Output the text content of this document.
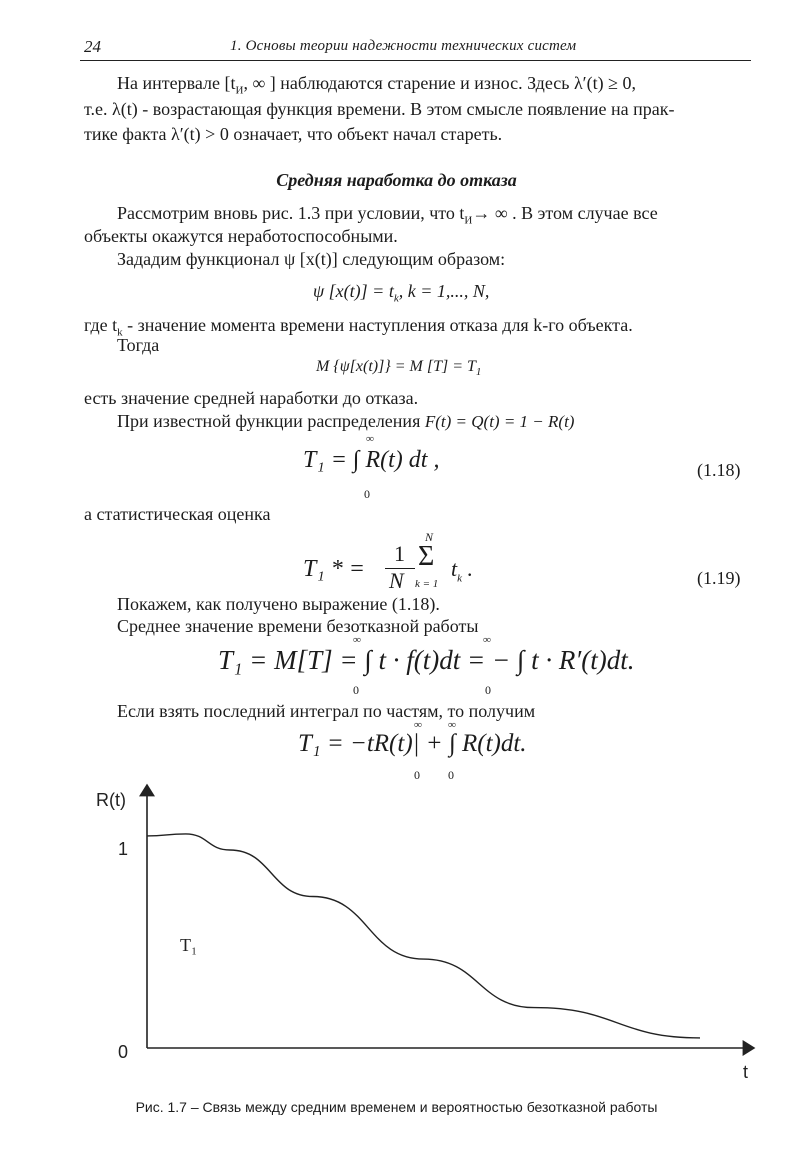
24	1. Основы теории надежности технических систем
На интервале [$t_И$, ∞ ] наблюдаются старение и износ. Здесь λ′(t) ≥ 0,
т.е. λ(t) - возрастающая функция времени. В этом смысле появление на прак-
тике факта λ′(t) > 0 означает, что объект начал стареть.
Средняя наработка до отказа
Рассмотрим вновь рис. 1.3 при условии, что $t_И\to$ ∞ . В этом случае все
объекты окажутся неработоспособными.
Зададим функционал ψ [x(t)] следующим образом:
ψ $[x(t)] = t_k$, k = 1,..., N,
где $t_k$ - значение момента времени наступления отказа для k-го объекта.
Тогда
M {ψ[x(t)]} = M $[T] = T_1$
есть значение средней наработки до отказа.
При известной функции распределения F(t) = Q(t) = 1 − R(t)
∞
T₁ = ∫ R(t) dt ,
0
(1.18)
а статистическая оценка
T₁ * =
1
N
N
Σ
k = 1
$t_k$ .	(1.19)
Покажем, как получено выражение (1.18).
Среднее значение времени безотказной работы
∞	∞
T₁ = M[T] = ∫ t · f(t)dt = − ∫ t · R′(t)dt.
0	0
Если взять последний интеграл по частям, то получим
∞ ∞
T₁ = −tR(t)| + ∫ R(t)dt.
0 0
R(t)
1
0
t
T₁
Рис. 1.7 – Связь между средним временем и вероятностью безотказной работы
